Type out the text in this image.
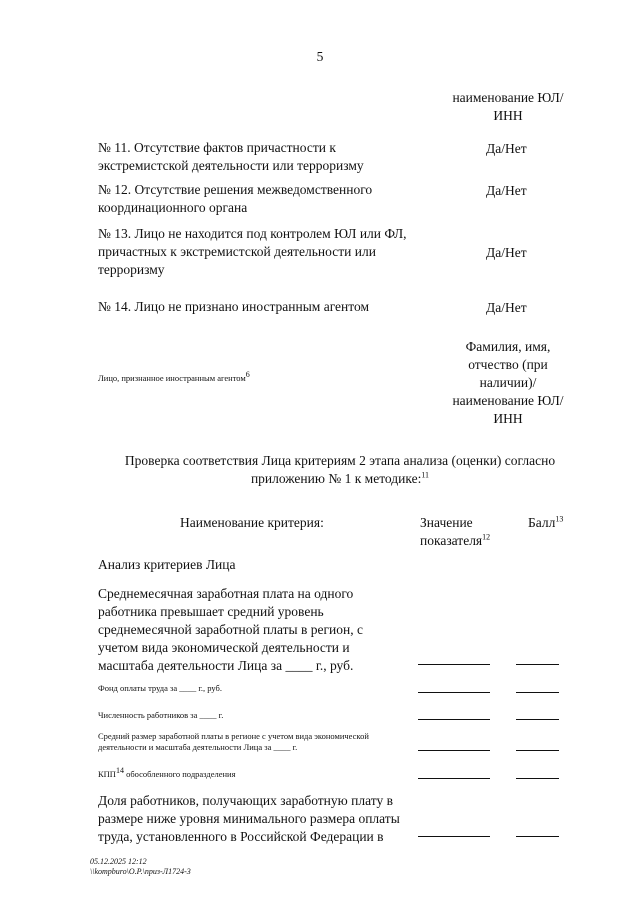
5
наименование ЮЛ/
ИНН
№ 11. Отсутствие фактов причастности к экстремистской деятельности или терроризму
Да/Нет
№ 12. Отсутствие решения межведомственного координационного органа
Да/Нет
№ 13. Лицо не находится под контролем ЮЛ или ФЛ, причастных к экстремистской деятельности или терроризму
Да/Нет
№ 14. Лицо не признано иностранным агентом	Да/Нет
Лицо, признанное иностранным агентом$^6$
Фамилия, имя,
отчество (при
наличии)/
наименование ЮЛ/
ИНН
Проверка соответствия Лица критериям 2 этапа анализа (оценки) согласно приложению № 1 к методике:$^{11}$
Наименование критерия:	Значение показателя$^{12}$
Балл$^{13}$
Анализ критериев Лица
Среднемесячная заработная плата на одного работника превышает средний уровень среднемесячной заработной платы в регион, с учетом вида экономической деятельности и масштаба деятельности Лица за ____ г., руб.
Фонд оплаты труда за ____ г., руб.
Численность работников за ____ г.
Средний размер заработной платы в регионе с учетом вида экономической деятельности и масштаба деятельности Лица за ____ г.
КПП$^{14}$ обособленного подразделения
Доля работников, получающих заработную плату в размере ниже уровня минимального размера оплаты труда, установленного в Российской Федерации в
05.12.2025 12:12
\\kompburo\О.Р.\приз-Л1724-3
